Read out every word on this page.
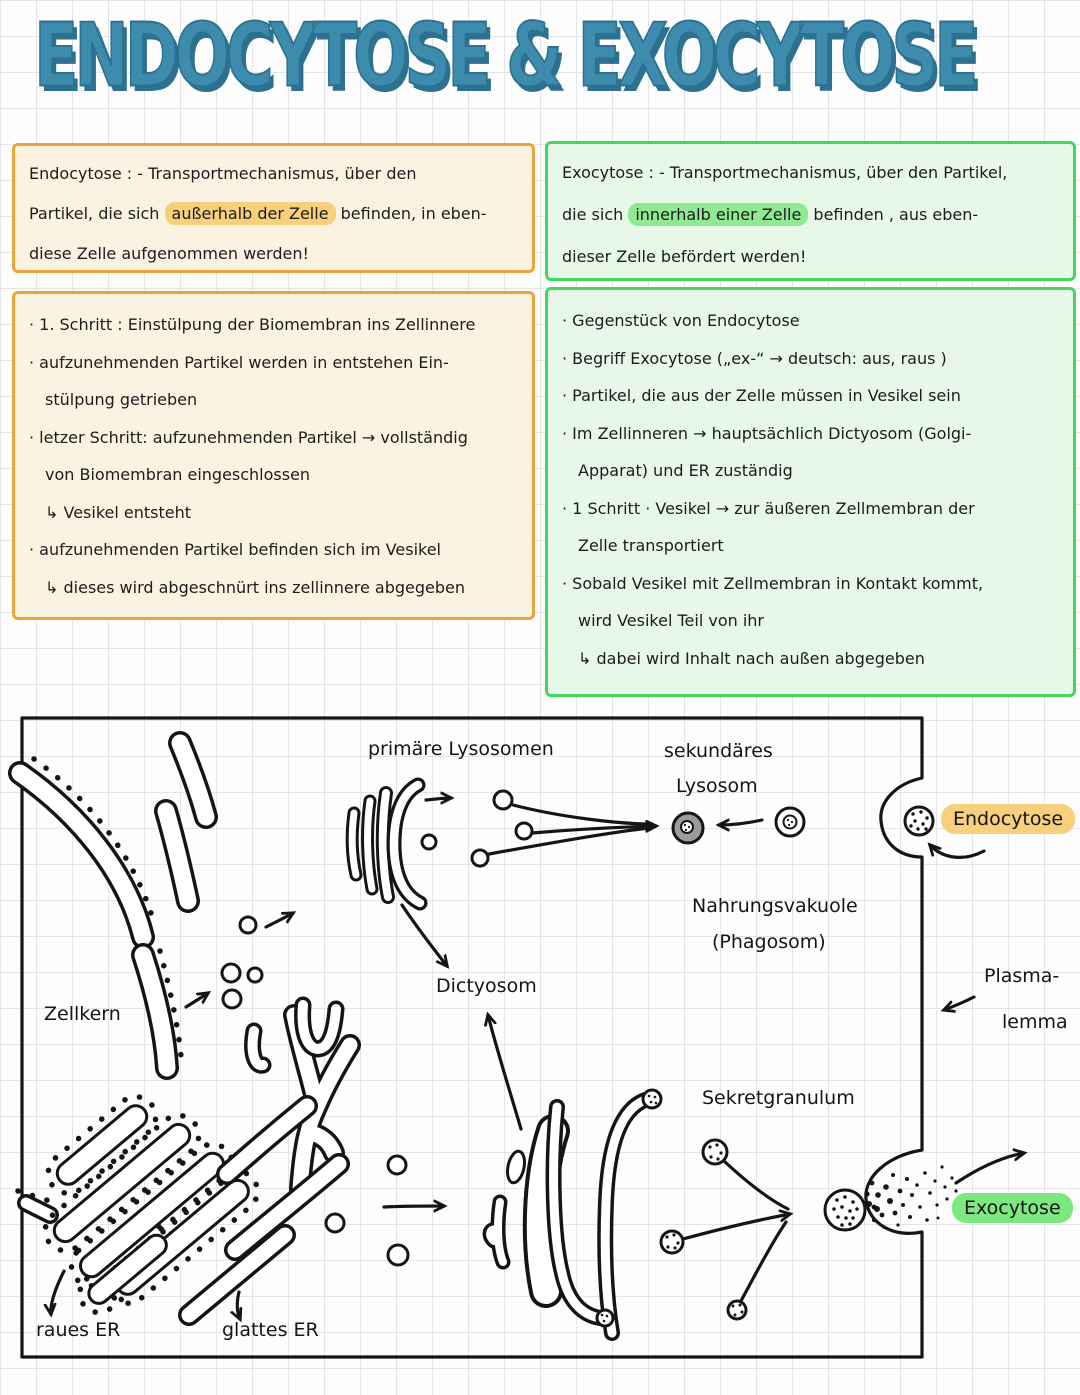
ENDOCYTOSE & EXOCYTOSE
Endocytose : - Transportmechanismus, über den
Partikel, die sich außerhalb der Zelle befinden, in eben-
diese Zelle aufgenommen werden!
Exocytose : - Transportmechanismus, über den Partikel,
die sich innerhalb einer Zelle befinden , aus eben-
dieser Zelle befördert werden!
· 1. Schritt : Einstülpung der Biomembran ins Zellinnere
· aufzunehmenden Partikel werden in entstehen Ein-
stülpung getrieben
· letzer Schritt: aufzunehmenden Partikel → vollständig
von Biomembran eingeschlossen
↳ Vesikel entsteht
· aufzunehmenden Partikel befinden sich im Vesikel
↳ dieses wird abgeschnürt ins zellinnere abgegeben
· Gegenstück von Endocytose
· Begriff Exocytose („ex-“ → deutsch: aus, raus )
· Partikel, die aus der Zelle müssen in Vesikel sein
· Im Zellinneren → hauptsächlich Dictyosom (Golgi-
Apparat) und ER zuständig
· 1 Schritt · Vesikel → zur äußeren Zellmembran der
Zelle transportiert
· Sobald Vesikel mit Zellmembran in Kontakt kommt,
wird Vesikel Teil von ihr
↳ dabei wird Inhalt nach außen abgegeben
primäre Lysosomen	sekundäres
Lysosom
Endocytose
Nahrungsvakuole
(Phagosom)
Dictyosom	Plasma-
lemma
Zellkern
Sekretgranulum
Exocytose
raues ER	glattes ER
